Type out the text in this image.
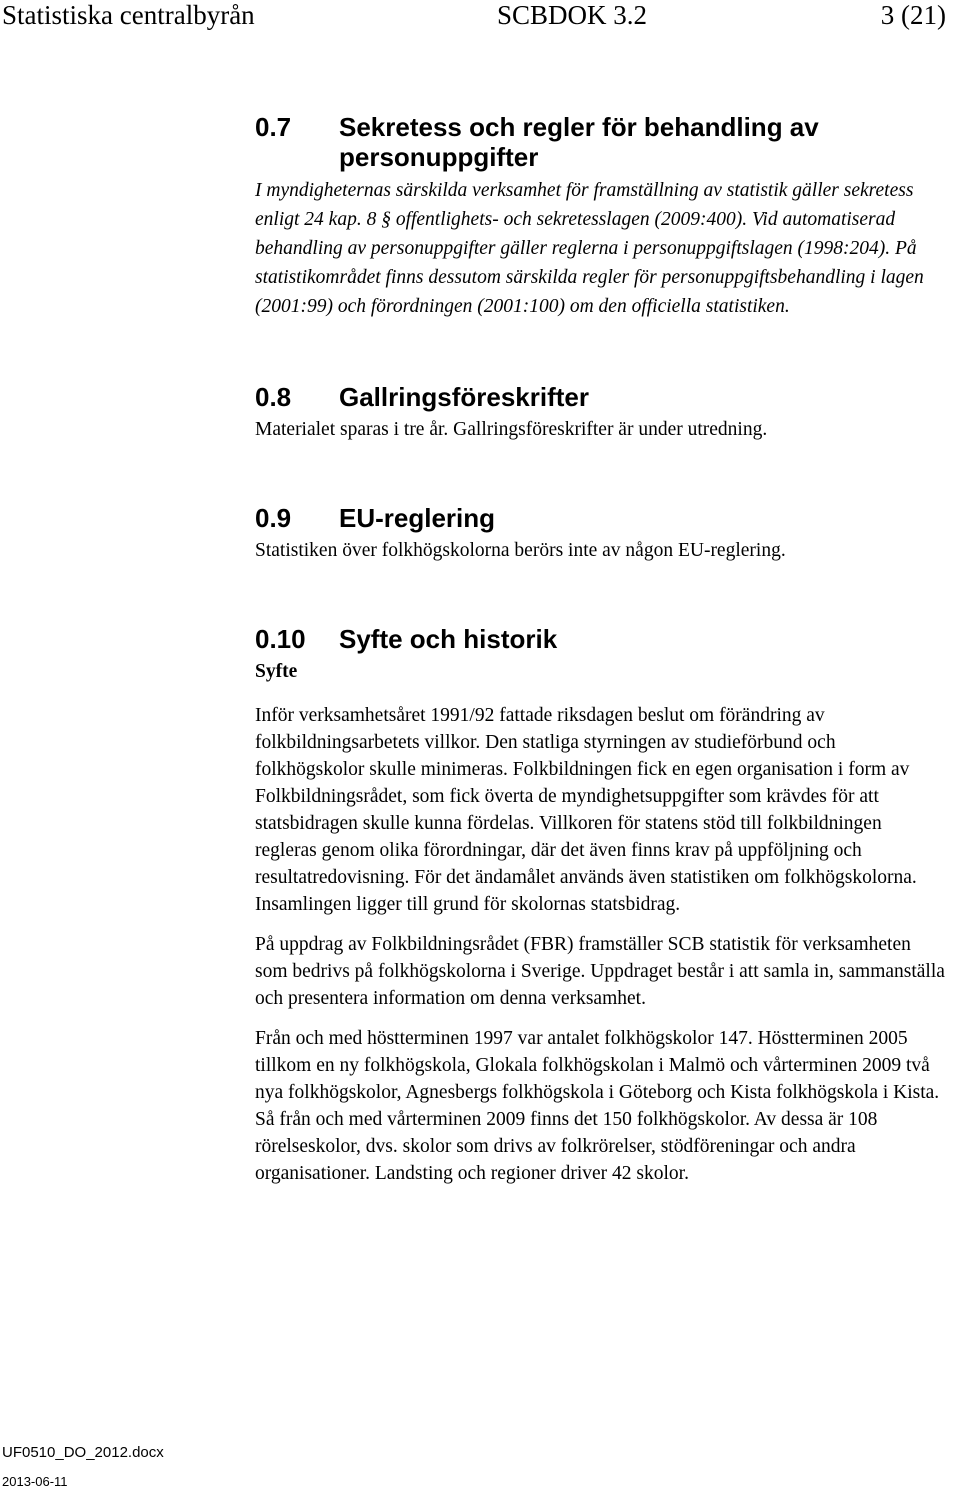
Statistiska centralbyrån	SCBDOK 3.2	3 (21)
0.7 Sekretess och regler för behandling av
personuppgifter

I myndigheternas särskilda verksamhet för framställning av statistik gäller sekretess enligt 24 kap. 8 § offentlighets- och sekretesslagen (2009:400). Vid automatiserad behandling av personuppgifter gäller reglerna i personuppgiftslagen (1998:204). På statistikområdet finns dessutom särskilda regler för personuppgiftsbehandling i lagen (2001:99) och förordningen (2001:100) om den officiella statistiken.

0.8 Gallringsföreskrifter

Materialet sparas i tre år. Gallringsföreskrifter är under utredning.

0.9 EU-reglering

Statistiken över folkhögskolorna berörs inte av någon EU-reglering.

0.10 Syfte och historik

Syfte

Inför verksamhetsåret 1991/92 fattade riksdagen beslut om förändring av folkbildningsarbetets villkor. Den statliga styrningen av studieförbund och folkhögskolor skulle minimeras. Folkbildningen fick en egen organisation i form av Folkbildningsrådet, som fick överta de myndighetsuppgifter som krävdes för att statsbidragen skulle kunna fördelas. Villkoren för statens stöd till folkbildningen regleras genom olika förordningar, där det även finns krav på uppföljning och resultatredovisning. För det ändamålet används även statistiken om folkhögskolorna. Insamlingen ligger till grund för skolornas statsbidrag.

På uppdrag av Folkbildningsrådet (FBR) framställer SCB statistik för verksamheten som bedrivs på folkhögskolorna i Sverige. Uppdraget består i att samla in, sammanställa och presentera information om denna verksamhet.

Från och med höstterminen 1997 var antalet folkhögskolor 147. Höstterminen 2005 tillkom en ny folkhögskola, Glokala folkhögskolan i Malmö och vårterminen 2009 två nya folkhögskolor, Agnesbergs folkhögskola i Göteborg och Kista folkhögskola i Kista. Så från och med vårterminen 2009 finns det 150 folkhögskolor. Av dessa är 108 rörelseskolor, dvs. skolor som drivs av folkrörelser, stödföreningar och andra organisationer. Landsting och regioner driver 42 skolor.

UF0510_DO_2012.docx
2013-06-11
